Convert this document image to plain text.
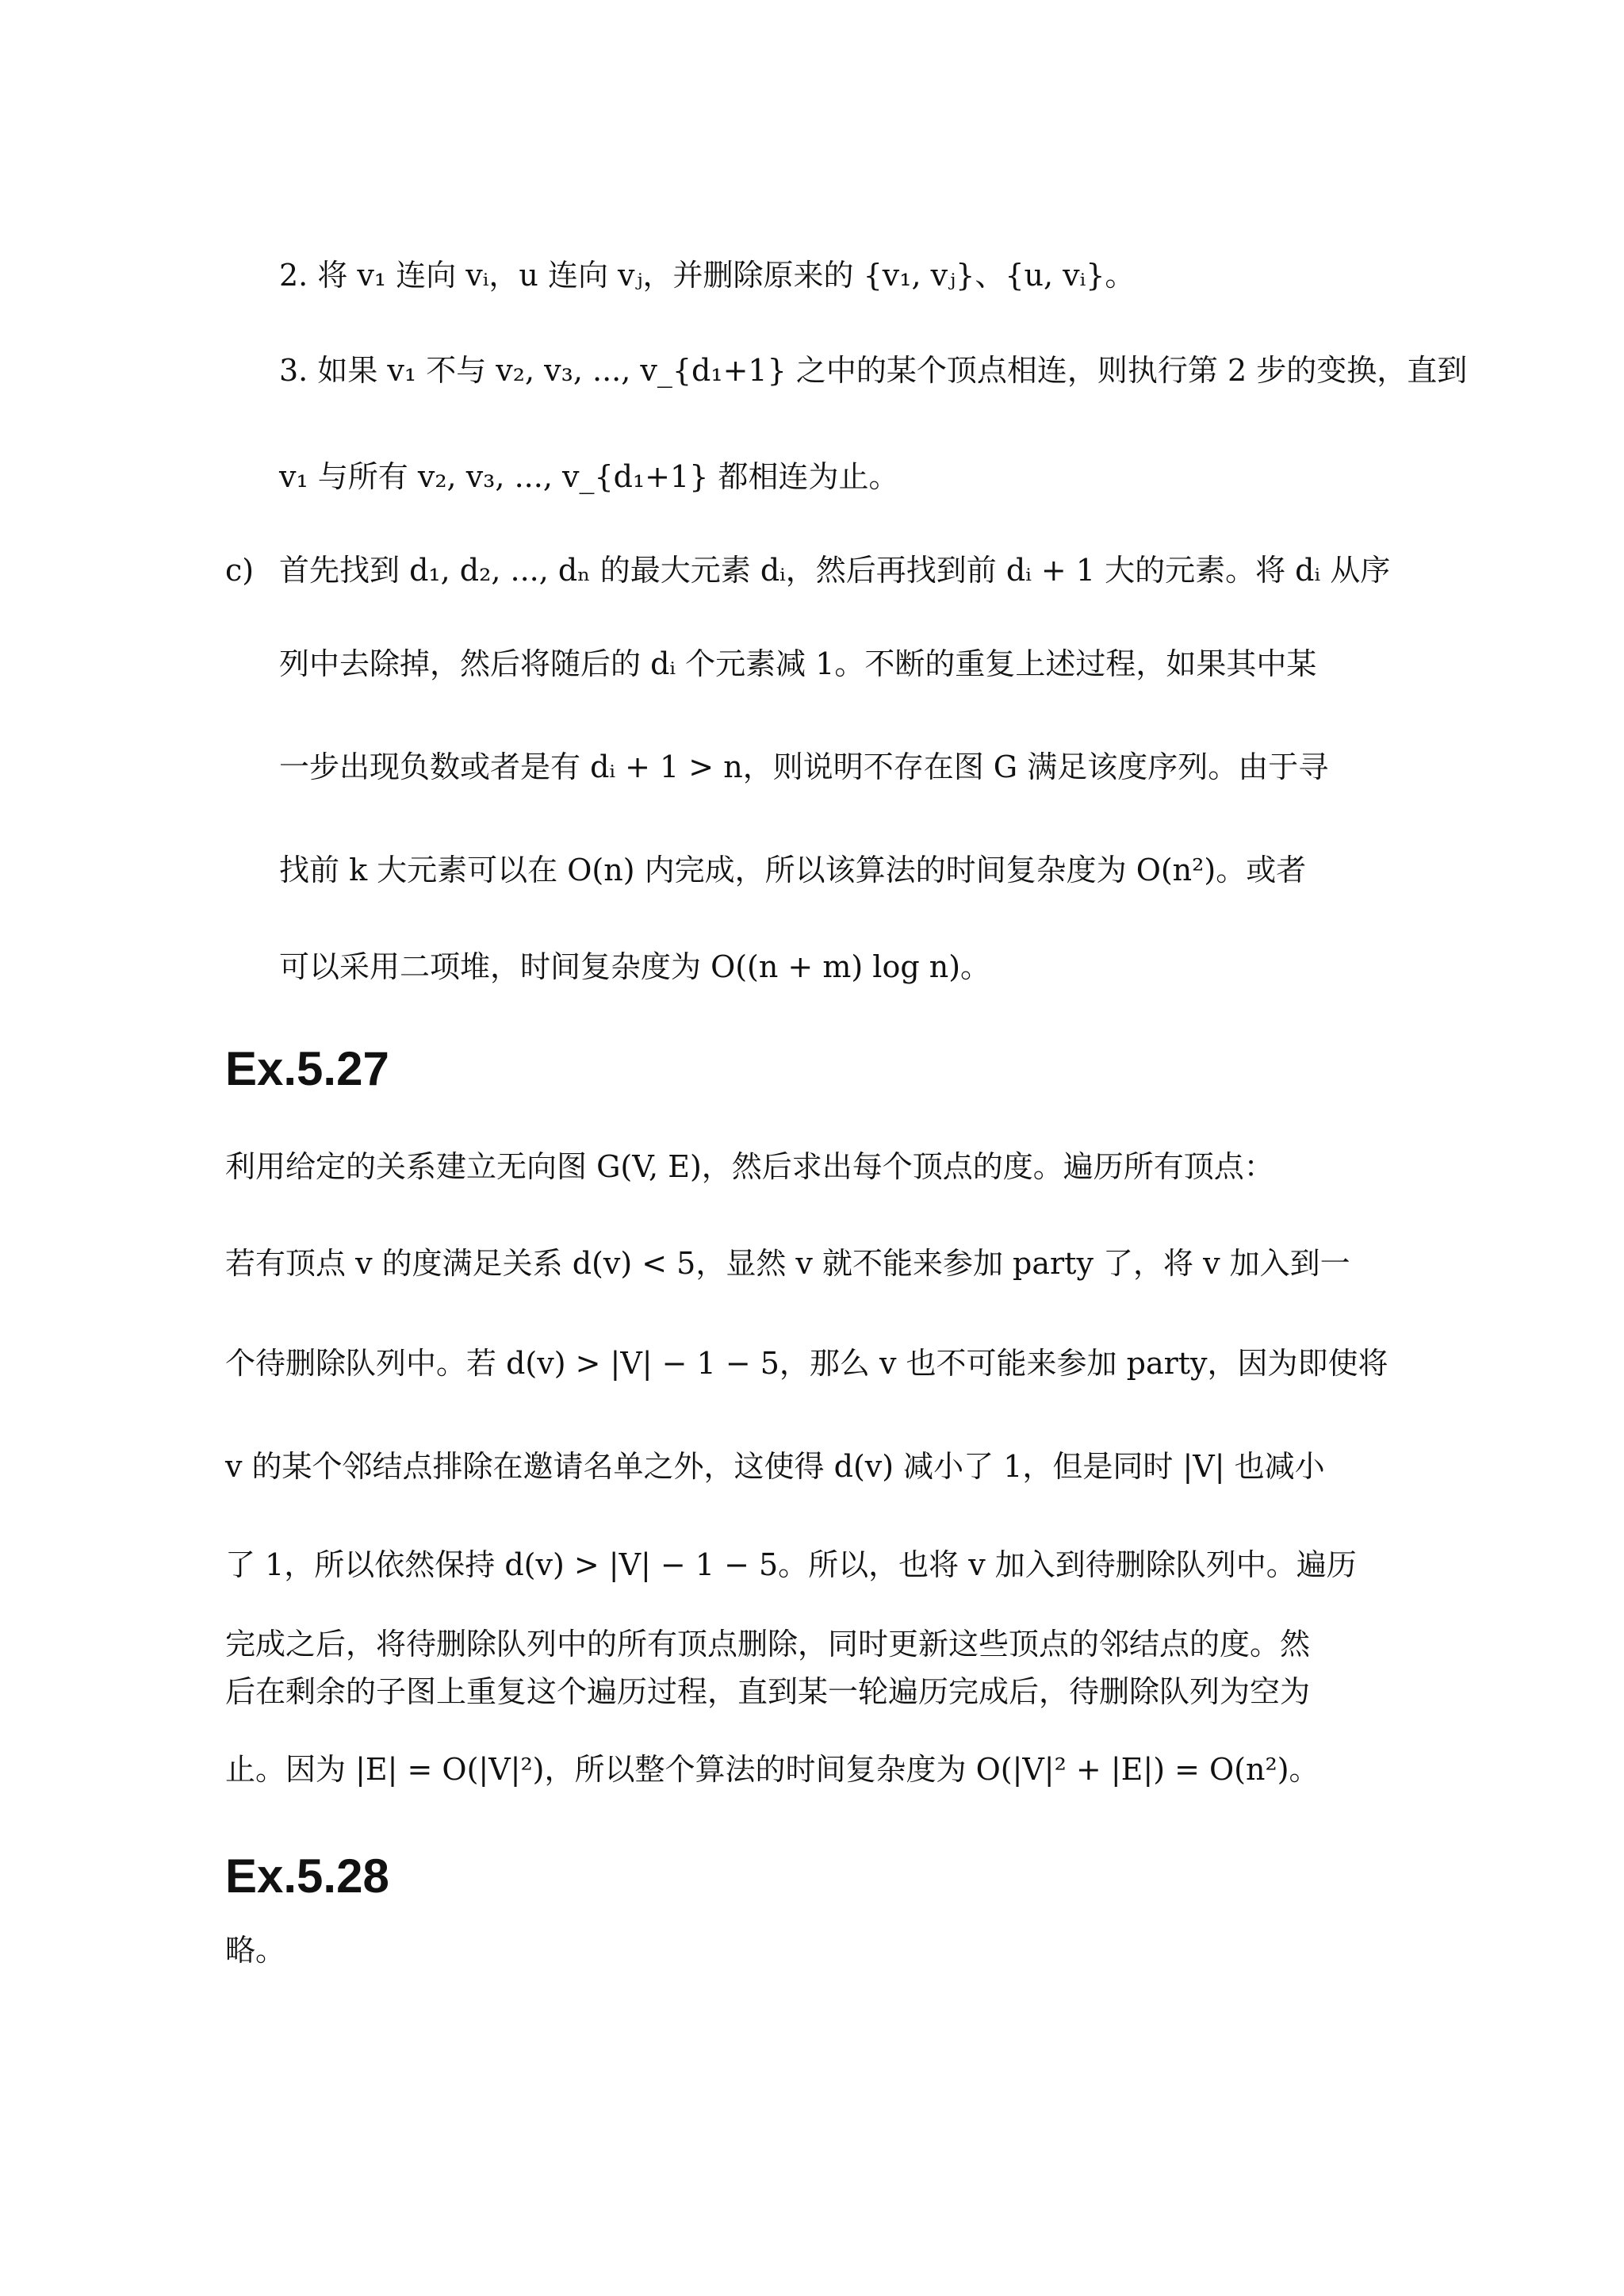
2. 将 v₁ 连向 vᵢ，u 连向 vⱼ，并删除原来的 {v₁, vⱼ}、{u, vᵢ}。
3. 如果 v₁ 不与 v₂, v₃, ..., v_{d₁+1} 之中的某个顶点相连，则执行第 2 步的变换，直到
v₁ 与所有 v₂, v₃, ..., v_{d₁+1} 都相连为止。
c) 首先找到 d₁, d₂, ..., dₙ 的最大元素 dᵢ，然后再找到前 dᵢ + 1 大的元素。将 dᵢ 从序
列中去除掉，然后将随后的 dᵢ 个元素减 1。不断的重复上述过程，如果其中某
一步出现负数或者是有 dᵢ + 1 > n，则说明不存在图 G 满足该度序列。由于寻
找前 k 大元素可以在 O(n) 内完成，所以该算法的时间复杂度为 O(n²)。或者
可以采用二项堆，时间复杂度为 O((n + m) log n)。
Ex.5.27
利用给定的关系建立无向图 G(V, E)，然后求出每个顶点的度。遍历所有顶点：
若有顶点 v 的度满足关系 d(v) < 5，显然 v 就不能来参加 party 了，将 v 加入到一
个待删除队列中。若 d(v) > |V| − 1 − 5，那么 v 也不可能来参加 party，因为即使将
v 的某个邻结点排除在邀请名单之外，这使得 d(v) 减小了 1，但是同时 |V| 也减小
了 1，所以依然保持 d(v) > |V| − 1 − 5。所以，也将 v 加入到待删除队列中。遍历
完成之后，将待删除队列中的所有顶点删除，同时更新这些顶点的邻结点的度。然
后在剩余的子图上重复这个遍历过程，直到某一轮遍历完成后，待删除队列为空为
止。因为 |E| = O(|V|²)，所以整个算法的时间复杂度为 O(|V|² + |E|) = O(n²)。
Ex.5.28
略。
